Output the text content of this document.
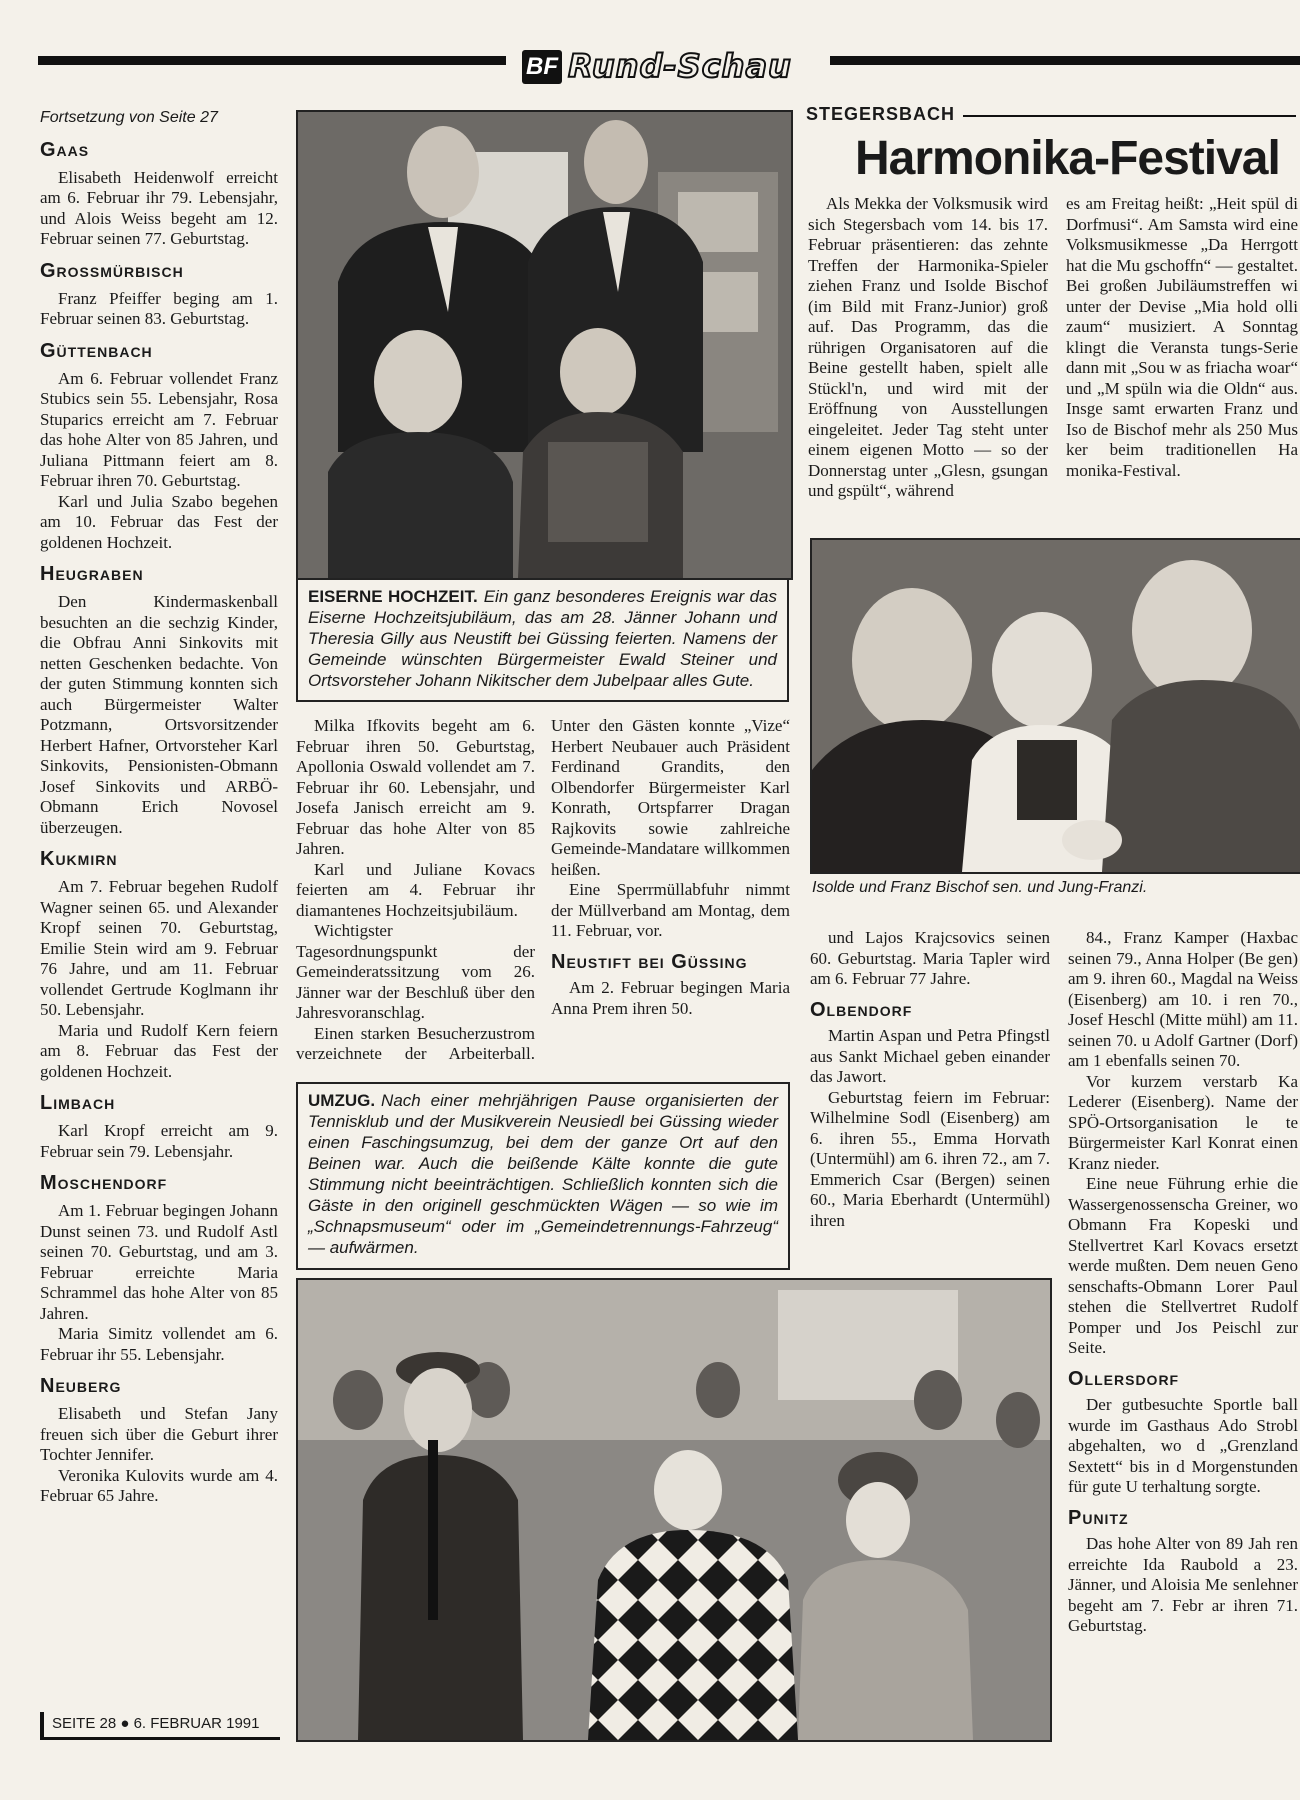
BF Rund-Schau
Fortsetzung von Seite 27
Gaas

Elisabeth Heidenwolf erreicht am 6. Februar ihr 79. Lebensjahr, und Alois Weiss begeht am 12. Februar seinen 77. Geburtstag.

Grossmürbisch

Franz Pfeiffer beging am 1. Februar seinen 83. Geburtstag.

Güttenbach

Am 6. Februar vollendet Franz Stubics sein 55. Lebensjahr, Rosa Stuparics erreicht am 7. Februar das hohe Alter von 85 Jahren, und Juliana Pittmann feiert am 8. Februar ihren 70. Geburtstag.

Karl und Julia Szabo begehen am 10. Februar das Fest der goldenen Hochzeit.

Heugraben

Den Kindermaskenball besuchten an die sechzig Kinder, die Obfrau Anni Sinkovits mit netten Geschenken bedachte. Von der guten Stimmung konnten sich auch Bürgermeister Walter Potzmann, Ortsvorsitzender Herbert Hafner, Ortvorsteher Karl Sinkovits, Pensionisten-Obmann Josef Sinkovits und ARBÖ-Obmann Erich Novosel überzeugen.

Kukmirn

Am 7. Februar begehen Rudolf Wagner seinen 65. und Alexander Kropf seinen 70. Geburtstag, Emilie Stein wird am 9. Februar 76 Jahre, und am 11. Februar vollendet Gertrude Koglmann ihr 50. Lebensjahr.

Maria und Rudolf Kern feiern am 8. Februar das Fest der goldenen Hochzeit.

Limbach

Karl Kropf erreicht am 9. Februar sein 79. Lebensjahr.

Moschendorf

Am 1. Februar begingen Johann Dunst seinen 73. und Rudolf Astl seinen 70. Geburtstag, und am 3. Februar erreichte Maria Schrammel das hohe Alter von 85 Jahren.

Maria Simitz vollendet am 6. Februar ihr 55. Lebensjahr.

Neuberg

Elisabeth und Stefan Jany freuen sich über die Geburt ihrer Tochter Jennifer.

Veronika Kulovits wurde am 4. Februar 65 Jahre.

SEITE 28 ● 6. FEBRUAR 1991
EISERNE HOCHZEIT. Ein ganz besonderes Ereignis war das Eiserne Hochzeitsjubiläum, das am 28. Jänner Johann und Theresia Gilly aus Neustift bei Güssing feierten. Namens der Gemeinde wünschten Bürgermeister Ewald Steiner und Ortsvorsteher Johann Nikitscher dem Jubelpaar alles Gute.

Milka Ifkovits begeht am 6. Februar ihren 50. Geburtstag, Apollonia Oswald vollendet am 7. Februar ihr 60. Lebensjahr, und Josefa Janisch erreicht am 9. Februar das hohe Alter von 85 Jahren.

Karl und Juliane Kovacs feierten am 4. Februar ihr diamantenes Hochzeitsjubiläum.

Wichtigster Tagesordnungspunkt der Gemeinderatssitzung vom 26. Jänner war der Beschluß über den Jahresvoranschlag.

Einen starken Besucherzustrom verzeichnete der Arbeiterball. Unter den Gästen konnte „Vize“ Herbert Neubauer auch Präsident Ferdinand Grandits, den Olbendorfer Bürgermeister Karl Konrath, Ortspfarrer Dragan Rajkovits sowie zahlreiche Gemeinde-Mandatare willkommen heißen.

Eine Sperrmüllabfuhr nimmt der Müllverband am Montag, dem 11. Februar, vor.

Neustift bei Güssing

Am 2. Februar begingen Maria Anna Prem ihren 50.

UMZUG. Nach einer mehrjährigen Pause organisierten der Tennisklub und der Musikverein Neusiedl bei Güssing wieder einen Faschingsumzug, bei dem der ganze Ort auf den Beinen war. Auch die beißende Kälte konnte die gute Stimmung nicht beeinträchtigen. Schließlich konnten sich die Gäste in den originell geschmückten Wägen — so wie im „Schnapsmuseum“ oder im „Gemeindetrennungs-Fahrzeug“ — aufwärmen.
STEGERSBACH
Harmonika-Festival
Als Mekka der Volksmusik wird sich Stegersbach vom 14. bis 17. Februar präsentieren: das zehnte Treffen der Harmonika-Spieler ziehen Franz und Isolde Bischof (im Bild mit Franz-Junior) groß auf. Das Programm, das die rührigen Organisatoren auf die Beine gestellt haben, spielt alle Stückl'n, und wird mit der Eröffnung von Ausstellungen eingeleitet. Jeder Tag steht unter einem eigenen Motto — so der Donnerstag unter „Glesn, gsungan und gspült“, während
es am Freitag heißt: „Heit spül di Dorfmusi“. Am Samsta wird eine Volksmusikmesse „Da Herrgott hat die Mu gschoffn“ — gestaltet. Bei großen Jubiläumstreffen wi unter der Devise „Mia hold olli zaum“ musiziert. A Sonntag klingt die Veransta tungs-Serie dann mit „Sou w as friacha woar“ und „M spüln wia die Oldn“ aus. Insge samt erwarten Franz und Iso de Bischof mehr als 250 Mus ker beim traditionellen Ha monika-Festival.
Isolde und Franz Bischof sen. und Jung-Franzi.

und Lajos Krajcsovics seinen 60. Geburtstag. Maria Tapler wird am 6. Februar 77 Jahre.

Olbendorf

Martin Aspan und Petra Pfingstl aus Sankt Michael geben einander das Jawort.

Geburtstag feiern im Februar: Wilhelmine Sodl (Eisenberg) am 6. ihren 55., Emma Horvath (Untermühl) am 6. ihren 72., am 7. Emmerich Csar (Bergen) seinen 60., Maria Eberhardt (Untermühl) ihren

84., Franz Kamper (Haxbac seinen 79., Anna Holper (Be gen) am 9. ihren 60., Magdal na Weiss (Eisenberg) am 10. i ren 70., Josef Heschl (Mitte mühl) am 11. seinen 70. u Adolf Gartner (Dorf) am 1 ebenfalls seinen 70.

Vor kurzem verstarb Ka Lederer (Eisenberg). Name der SPÖ-Ortsorganisation le te Bürgermeister Karl Konrat einen Kranz nieder.

Eine neue Führung erhie die Wassergenossenscha Greiner, wo Obmann Fra Kopeski und Stellvertret Karl Kovacs ersetzt werde mußten. Dem neuen Geno senschafts-Obmann Lorer Paul stehen die Stellvertret Rudolf Pomper und Jos Peischl zur Seite.

Ollersdorf

Der gutbesuchte Sportle ball wurde im Gasthaus Ado Strobl abgehalten, wo d „Grenzland Sextett“ bis in d Morgenstunden für gute U terhaltung sorgte.

Punitz

Das hohe Alter von 89 Jah ren erreichte Ida Raubold a 23. Jänner, und Aloisia Me senlehner begeht am 7. Febr ar ihren 71. Geburtstag.
